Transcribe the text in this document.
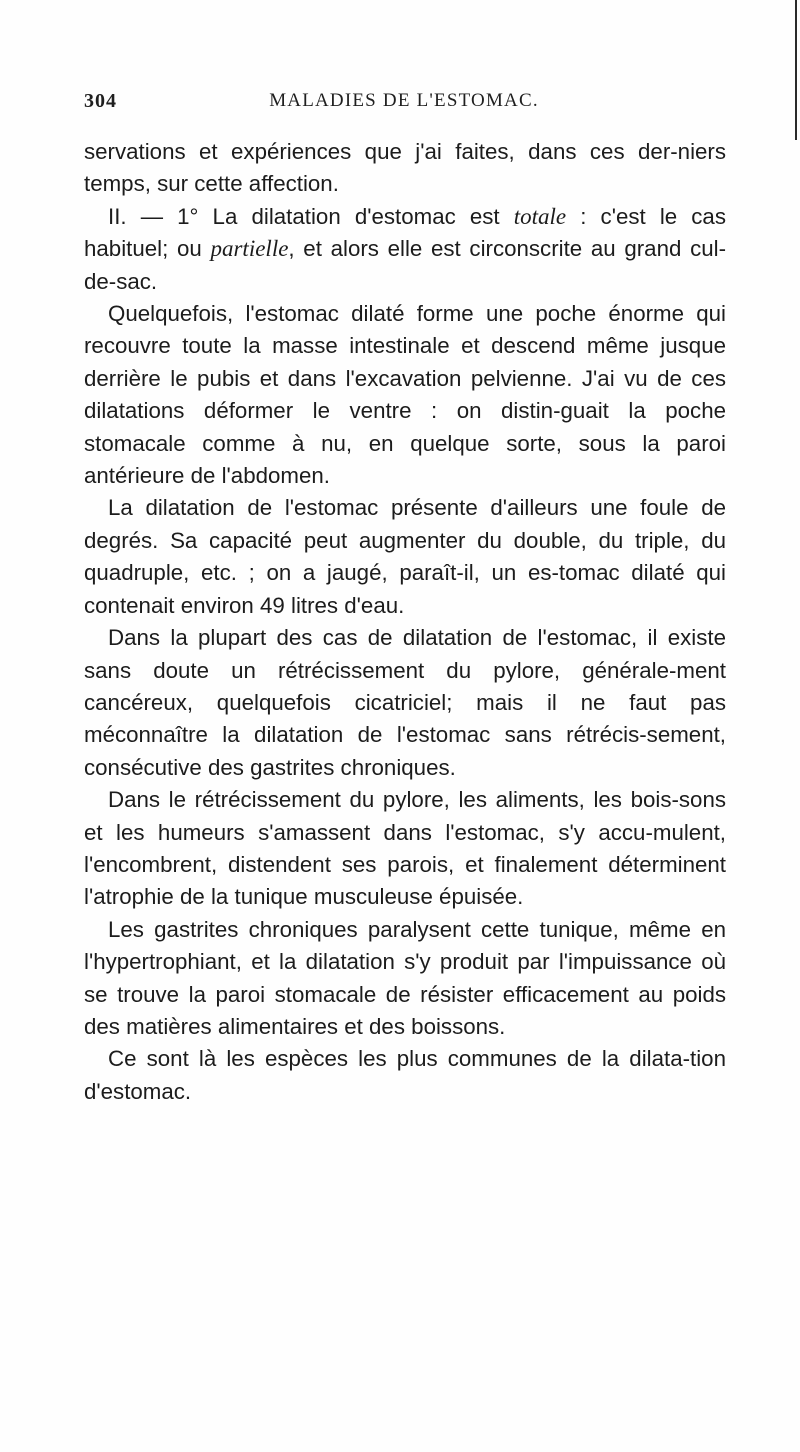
304	MALADIES DE L'ESTOMAC.

servations et expériences que j'ai faites, dans ces der-niers temps, sur cette affection.

II. — 1° La dilatation d'estomac est totale : c'est le cas habituel; ou partielle, et alors elle est circonscrite au grand cul-de-sac.

Quelquefois, l'estomac dilaté forme une poche énorme qui recouvre toute la masse intestinale et descend même jusque derrière le pubis et dans l'excavation pelvienne. J'ai vu de ces dilatations déformer le ventre : on distin-guait la poche stomacale comme à nu, en quelque sorte, sous la paroi antérieure de l'abdomen.

La dilatation de l'estomac présente d'ailleurs une foule de degrés. Sa capacité peut augmenter du double, du triple, du quadruple, etc. ; on a jaugé, paraît-il, un es-tomac dilaté qui contenait environ 49 litres d'eau.

Dans la plupart des cas de dilatation de l'estomac, il existe sans doute un rétrécissement du pylore, générale-ment cancéreux, quelquefois cicatriciel; mais il ne faut pas méconnaître la dilatation de l'estomac sans rétrécis-sement, consécutive des gastrites chroniques.

Dans le rétrécissement du pylore, les aliments, les bois-sons et les humeurs s'amassent dans l'estomac, s'y accu-mulent, l'encombrent, distendent ses parois, et finalement déterminent l'atrophie de la tunique musculeuse épuisée.

Les gastrites chroniques paralysent cette tunique, même en l'hypertrophiant, et la dilatation s'y produit par l'impuissance où se trouve la paroi stomacale de résister efficacement au poids des matières alimentaires et des boissons.

Ce sont là les espèces les plus communes de la dilata-tion d'estomac.
